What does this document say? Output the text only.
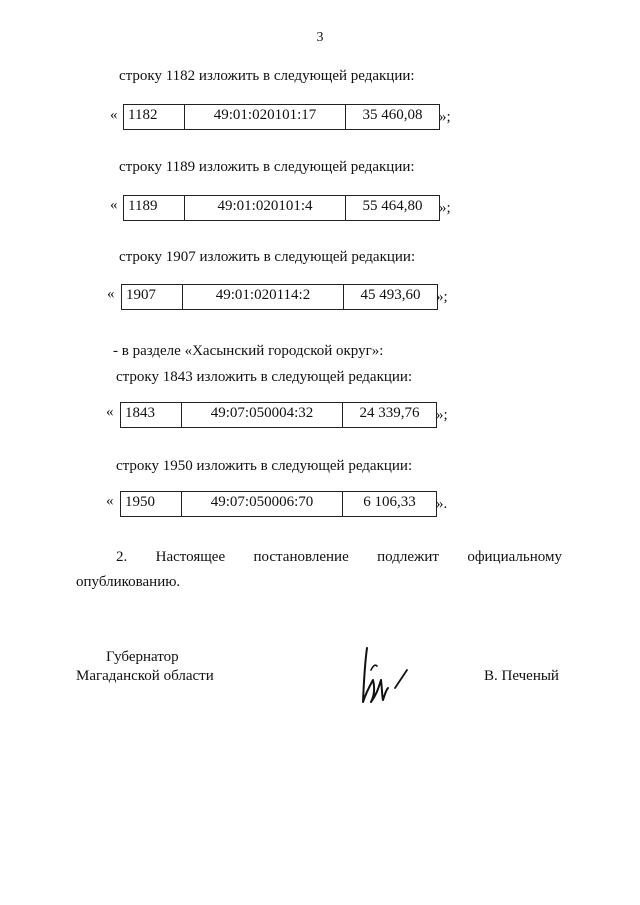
3
строку 1182 изложить в следующей редакции:
« 1182	49:01:020101:17	35 460,08 »;
строку 1189 изложить в следующей редакции:
« 1189	49:01:020101:4	55 464,80 »;
строку 1907 изложить в следующей редакции:
« 1907	49:01:020114:2	45 493,60 »;
- в разделе «Хасынский городской округ»:
строку 1843 изложить в следующей редакции:
« 1843	49:07:050004:32	24 339,76 »;
строку 1950 изложить в следующей редакции:
« 1950	49:07:050006:70	6 106,33 ».
2. Настоящее постановление подлежит официальному
опубликованию.
Губернатор
Магаданской области	В. Печеный
